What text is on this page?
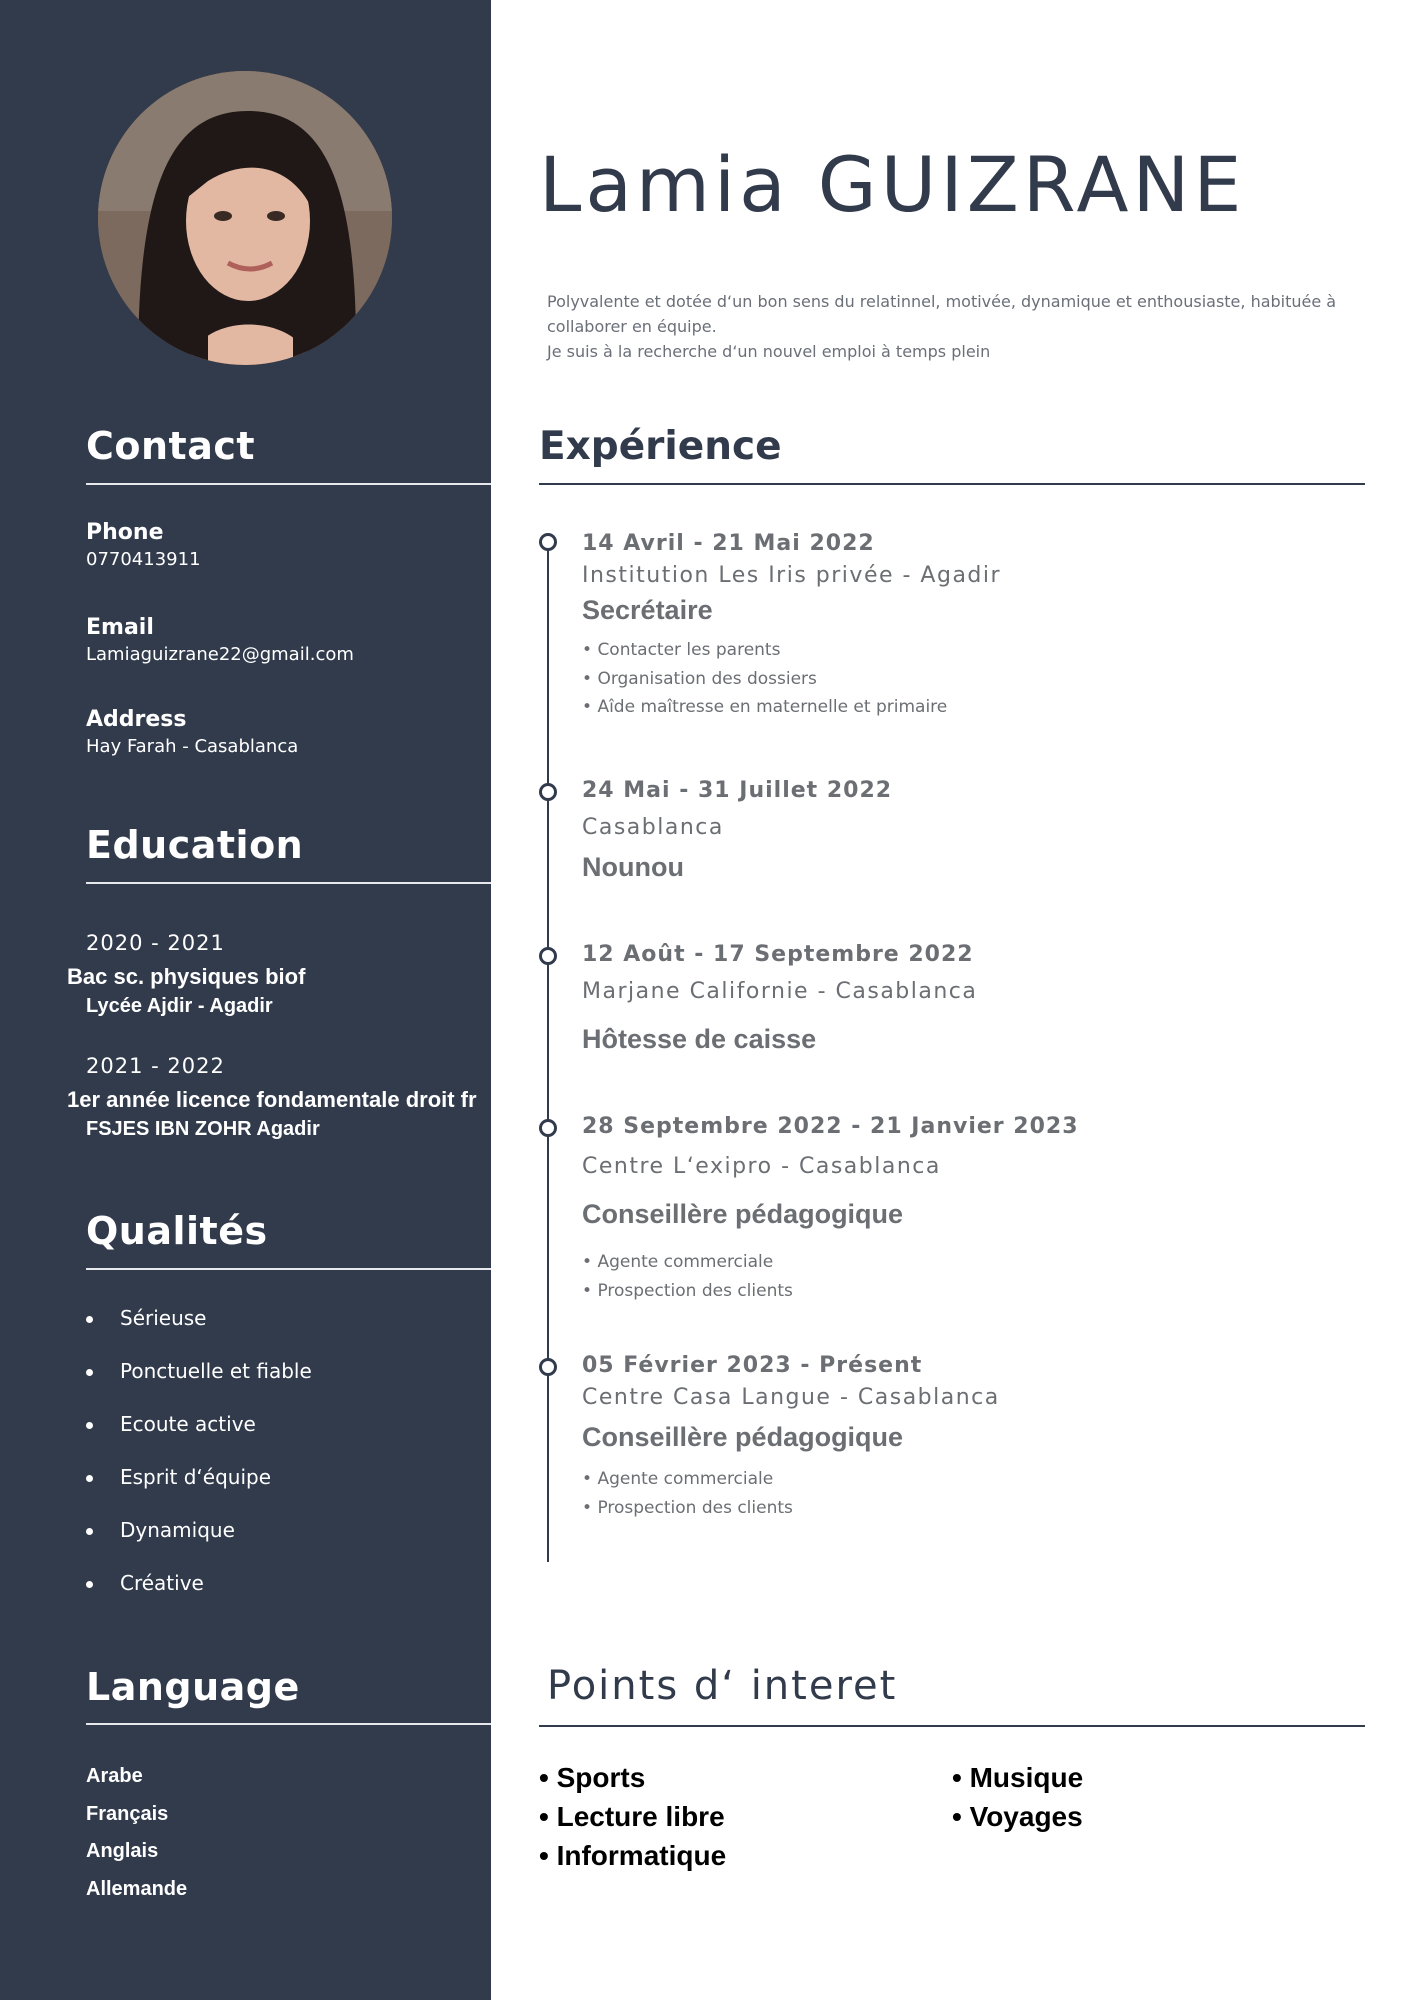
Contact
Phone
0770413911
Email
Lamiaguizrane22@gmail.com
Address
Hay Farah - Casablanca
Education
2020 - 2021
Bac sc. physiques biof
Lycée Ajdir - Agadir
2021 - 2022
1er année licence fondamentale droit fr
FSJES IBN ZOHR Agadir
Qualités
Sérieuse
Ponctuelle et fiable
Ecoute active
Esprit d‘équipe
Dynamique
Créative
Language
Arabe
Français
Anglais
Allemande
Lamia GUIZRANE
Polyvalente et dotée d‘un bon sens du relatinnel, motivée, dynamique et enthousiaste, habituée à collaborer en équipe.
Je suis à la recherche d‘un nouvel emploi à temps plein
Expérience
14 Avril - 21 Mai 2022
Institution Les Iris privée - Agadir
Secrétaire
• Contacter les parents
• Organisation des dossiers
• Aîde maîtresse en maternelle et primaire
24 Mai - 31 Juillet 2022
Casablanca
Nounou
12 Août - 17 Septembre 2022
Marjane Californie - Casablanca
Hôtesse de caisse
28 Septembre 2022 - 21 Janvier 2023
Centre L‘exipro - Casablanca
Conseillère pédagogique
• Agente commerciale
• Prospection des clients
05 Février 2023 - Présent
Centre Casa Langue - Casablanca
Conseillère pédagogique
• Agente commerciale
• Prospection des clients
Points d‘ interet
• Sports
• Lecture libre
• Informatique
• Musique
• Voyages
